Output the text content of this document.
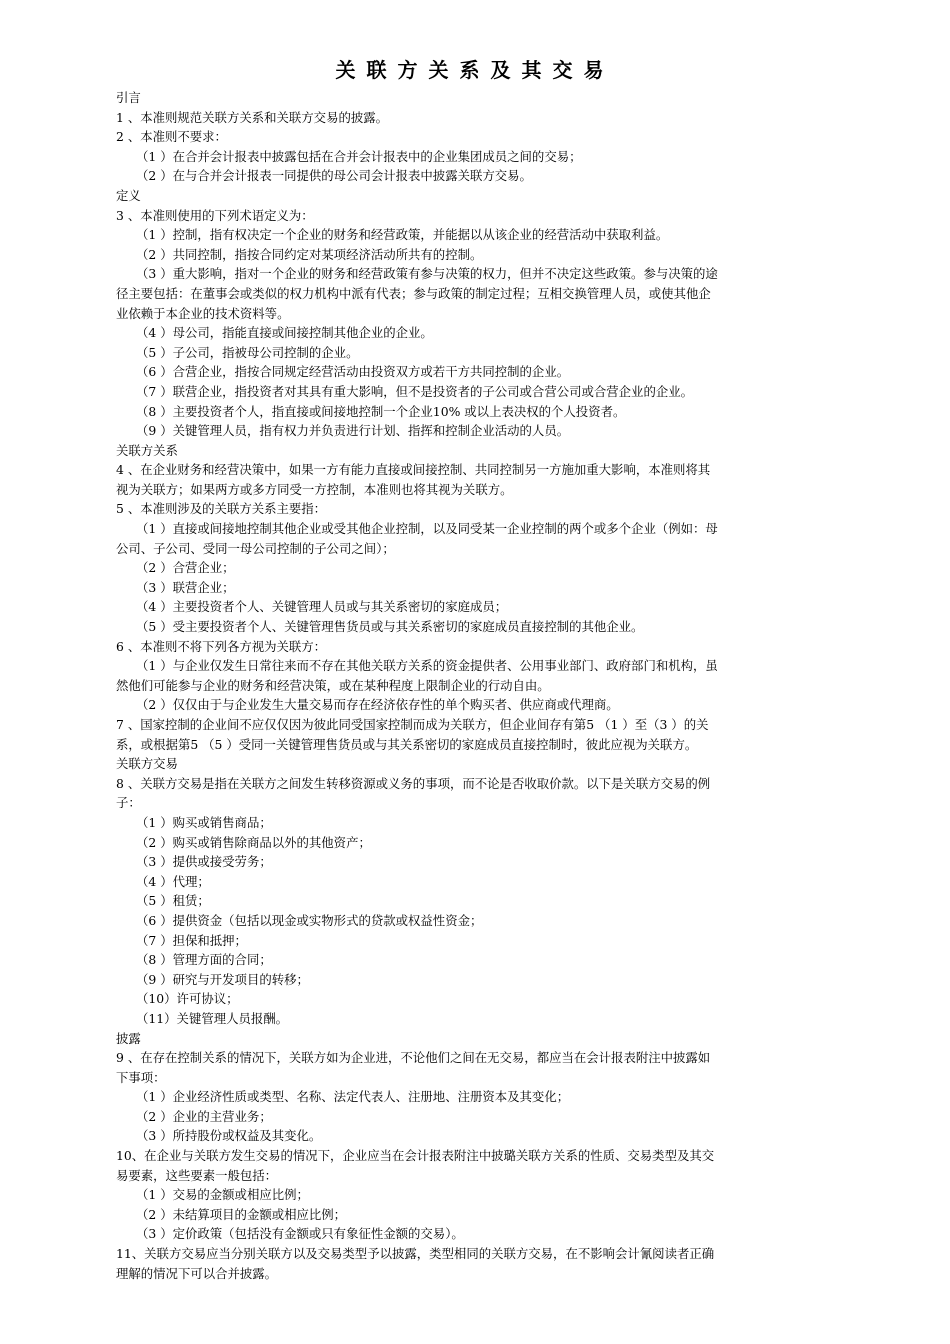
关联方关系及其交易

引言

1 、本准则规范关联方关系和关联方交易的披露。

2 、本准则不要求：

（1 ）在合并会计报表中披露包括在合并会计报表中的企业集团成员之间的交易；

（2 ）在与合并会计报表一同提供的母公司会计报表中披露关联方交易。

定义

3 、本准则使用的下列术语定义为：

（1 ）控制，指有权决定一个企业的财务和经营政策，并能据以从该企业的经营活动中获取利益。

（2 ）共同控制，指按合同约定对某项经济活动所共有的控制。

（3 ）重大影响，指对一个企业的财务和经营政策有参与决策的权力，但并不决定这些政策。参与决策的途

径主要包括：在董事会或类似的权力机构中派有代表；参与政策的制定过程；互相交换管理人员，或使其他企

业依赖于本企业的技术资料等。

（4 ）母公司，指能直接或间接控制其他企业的企业。

（5 ）子公司，指被母公司控制的企业。

（6 ）合营企业，指按合同规定经营活动由投资双方或若干方共同控制的企业。

（7 ）联营企业，指投资者对其具有重大影响，但不是投资者的子公司或合营公司或合营企业的企业。

（8 ）主要投资者个人，指直接或间接地控制一个企业10% 或以上表决权的个人投资者。

（9 ）关键管理人员，指有权力并负责进行计划、指挥和控制企业活动的人员。

关联方关系

4 、在企业财务和经营决策中，如果一方有能力直接或间接控制、共同控制另一方施加重大影响，本准则将其

视为关联方；如果两方或多方同受一方控制，本准则也将其视为关联方。

5 、本准则涉及的关联方关系主要指：

（1 ）直接或间接地控制其他企业或受其他企业控制，以及同受某一企业控制的两个或多个企业（例如：母

公司、子公司、受同一母公司控制的子公司之间）；

（2 ）合营企业；

（3 ）联营企业；

（4 ）主要投资者个人、关键管理人员或与其关系密切的家庭成员；

（5 ）受主要投资者个人、关键管理售货员或与其关系密切的家庭成员直接控制的其他企业。

6 、本准则不将下列各方视为关联方：

（1 ）与企业仅发生日常往来而不存在其他关联方关系的资金提供者、公用事业部门、政府部门和机构，虽

然他们可能参与企业的财务和经营决策，或在某种程度上限制企业的行动自由。

（2 ）仅仅由于与企业发生大量交易而存在经济依存性的单个购买者、供应商或代理商。

7 、国家控制的企业间不应仅仅因为彼此同受国家控制而成为关联方，但企业间存有第5 （1 ）至（3 ）的关

系，或根据第5 （5 ）受同一关键管理售货员或与其关系密切的家庭成员直接控制时，彼此应视为关联方。

关联方交易

8 、关联方交易是指在关联方之间发生转移资源或义务的事项，而不论是否收取价款。以下是关联方交易的例

子：

（1 ）购买或销售商品；

（2 ）购买或销售除商品以外的其他资产；

（3 ）提供或接受劳务；

（4 ）代理；

（5 ）租赁；

（6 ）提供资金（包括以现金或实物形式的贷款或权益性资金；

（7 ）担保和抵押；

（8 ）管理方面的合同；

（9 ）研究与开发项目的转移；

（10）许可协议；

（11）关键管理人员报酬。

披露

9 、在存在控制关系的情况下，关联方如为企业进，不论他们之间在无交易，都应当在会计报表附注中披露如

下事项：

（1 ）企业经济性质或类型、名称、法定代表人、注册地、注册资本及其变化；

（2 ）企业的主营业务；

（3 ）所持股份或权益及其变化。

10、在企业与关联方发生交易的情况下，企业应当在会计报表附注中披璐关联方关系的性质、交易类型及其交

易要素，这些要素一般包括：

（1 ）交易的金额或相应比例；

（2 ）未结算项目的金额或相应比例；

（3 ）定价政策（包括没有金额或只有象征性金额的交易）。

11、关联方交易应当分别关联方以及交易类型予以披露，类型相同的关联方交易，在不影响会计氰阅读者正确

理解的情况下可以合并披露。
